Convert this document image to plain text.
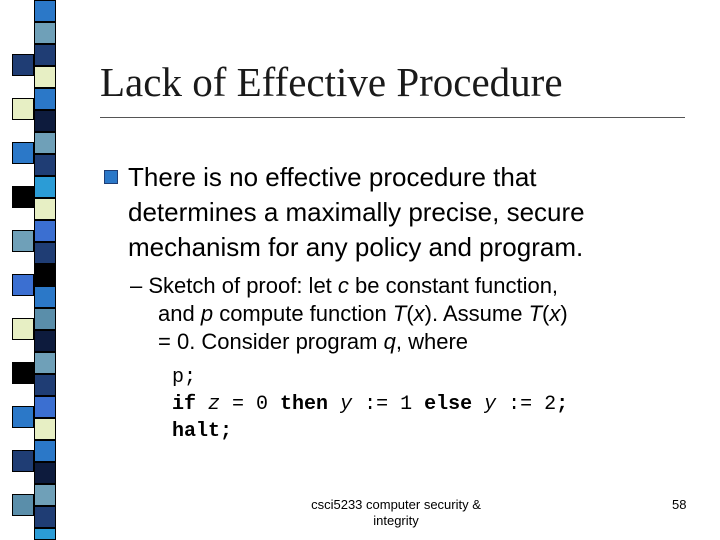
Lack of Effective Procedure
There is no effective procedure that
determines a maximally precise, secure
mechanism for any policy and program.
– Sketch of proof: let c be constant function,
and p compute function T(x). Assume T(x)
= 0. Consider program q, where
p;
if z = 0 then y := 1 else y := 2;
halt;
csci5233 computer security &
integrity
58
